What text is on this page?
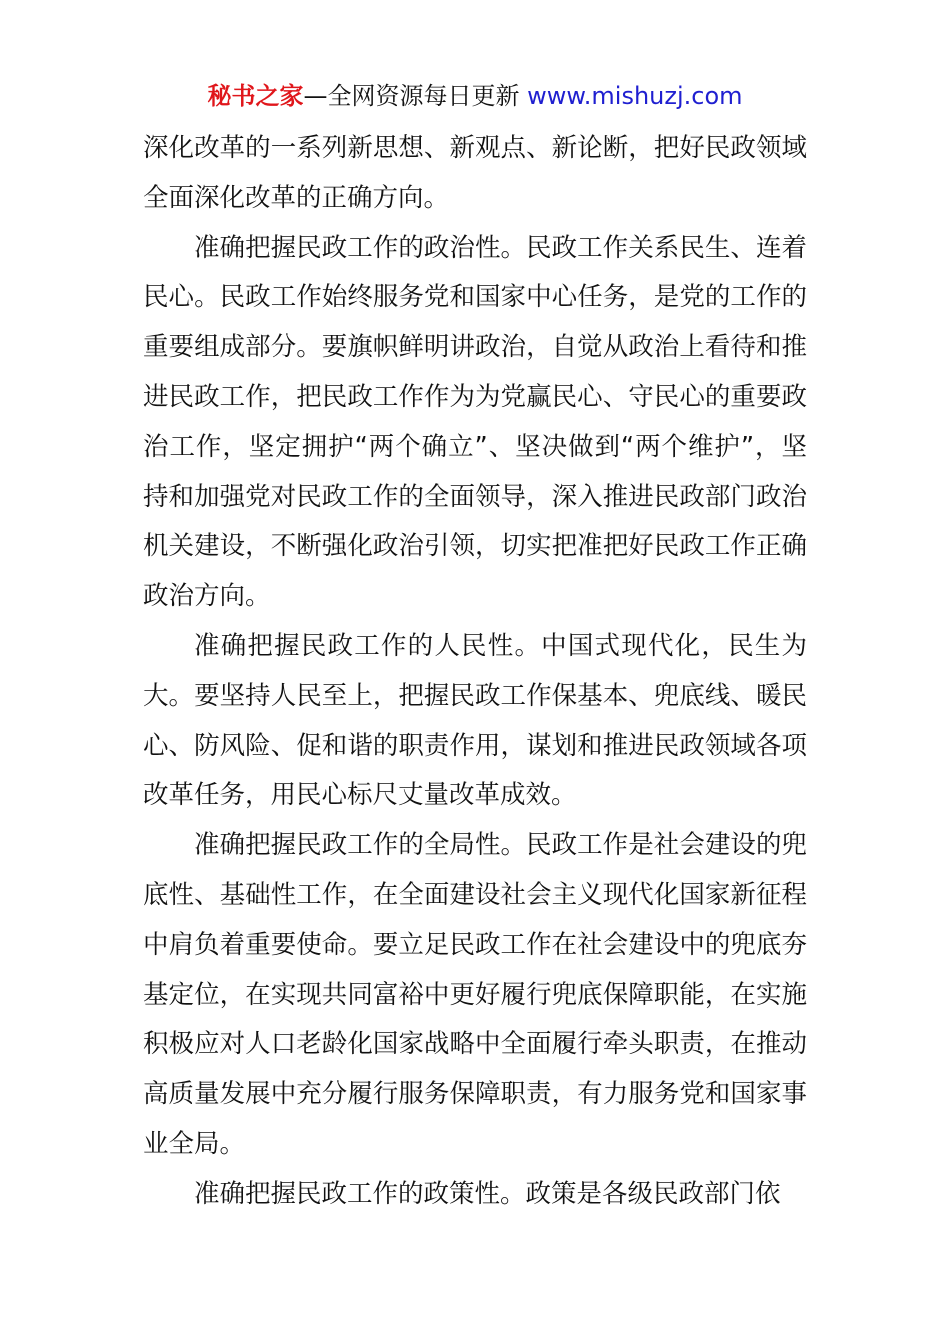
秘书之家—全网资源每日更新 www.mishuzj.com

深化改革的一系列新思想、新观点、新论断，把好民政领域全面深化改革的正确方向。

准确把握民政工作的政治性。民政工作关系民生、连着民心。民政工作始终服务党和国家中心任务，是党的工作的重要组成部分。要旗帜鲜明讲政治，自觉从政治上看待和推进民政工作，把民政工作作为为党赢民心、守民心的重要政治工作，坚定拥护“两个确立”、坚决做到“两个维护”，坚持和加强党对民政工作的全面领导，深入推进民政部门政治机关建设，不断强化政治引领，切实把准把好民政工作正确政治方向。

准确把握民政工作的人民性。中国式现代化，民生为大。要坚持人民至上，把握民政工作保基本、兜底线、暖民心、防风险、促和谐的职责作用，谋划和推进民政领域各项改革任务，用民心标尺丈量改革成效。

准确把握民政工作的全局性。民政工作是社会建设的兜底性、基础性工作，在全面建设社会主义现代化国家新征程中肩负着重要使命。要立足民政工作在社会建设中的兜底夯基定位，在实现共同富裕中更好履行兜底保障职能，在实施积极应对人口老龄化国家战略中全面履行牵头职责，在推动高质量发展中充分履行服务保障职责，有力服务党和国家事业全局。

准确把握民政工作的政策性。政策是各级民政部门依
